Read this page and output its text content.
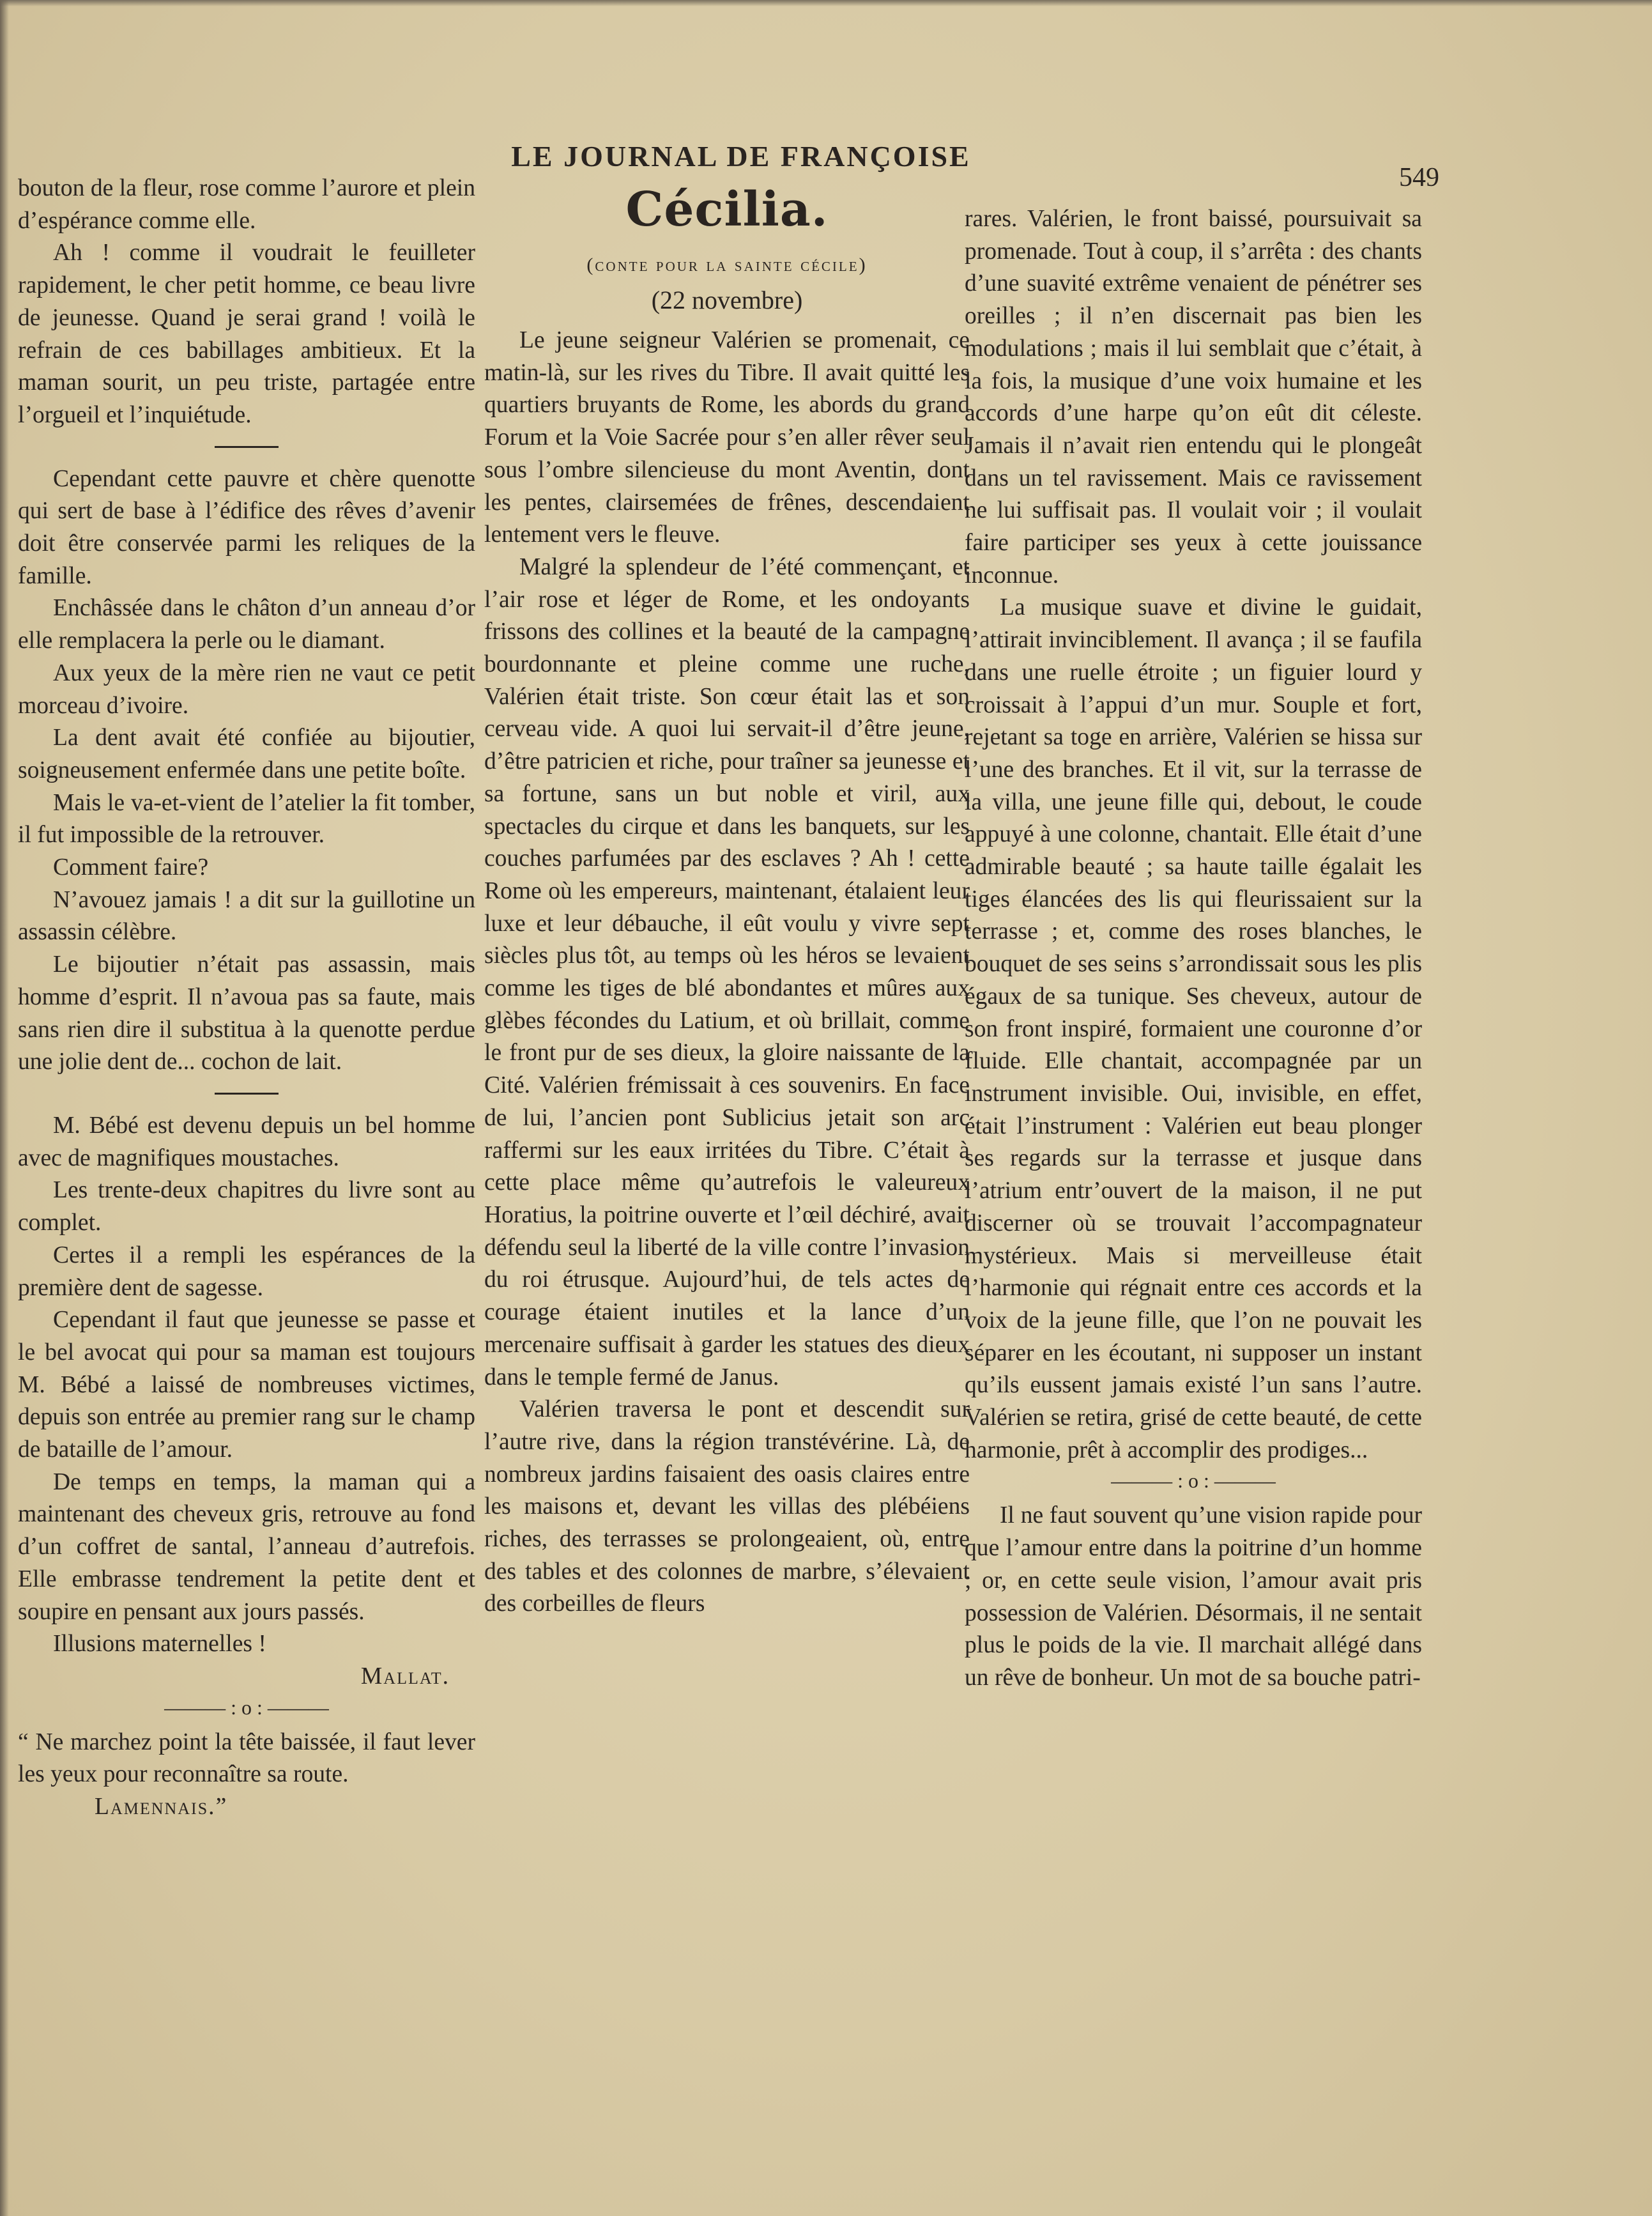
LE JOURNAL DE FRANÇOISE
549

bouton de la fleur, rose comme l’aurore et plein d’espérance comme elle.

Ah ! comme il voudrait le feuilleter rapidement, le cher petit homme, ce beau livre de jeunesse. Quand je serai grand ! voilà le refrain de ces babillages ambitieux. Et la maman sourit, un peu triste, partagée entre l’orgueil et l’inquiétude.

Cependant cette pauvre et chère quenotte qui sert de base à l’édifice des rêves d’avenir doit être conservée parmi les reliques de la famille.

Enchâssée dans le châton d’un anneau d’or elle remplacera la perle ou le diamant.

Aux yeux de la mère rien ne vaut ce petit morceau d’ivoire.

La dent avait été confiée au bijoutier, soigneusement enfermée dans une petite boîte.

Mais le va-et-vient de l’atelier la fit tomber, il fut impossible de la retrouver.

Comment faire?

N’avouez jamais ! a dit sur la guillotine un assassin célèbre.

Le bijoutier n’était pas assassin, mais homme d’esprit. Il n’avoua pas sa faute, mais sans rien dire il substitua à la quenotte perdue une jolie dent de... cochon de lait.

M. Bébé est devenu depuis un bel homme avec de magnifiques moustaches.

Les trente-deux chapitres du livre sont au complet.

Certes il a rempli les espérances de la première dent de sagesse.

Cependant il faut que jeunesse se passe et le bel avocat qui pour sa maman est toujours M. Bébé a laissé de nombreuses victimes, depuis son entrée au premier rang sur le champ de bataille de l’amour.

De temps en temps, la maman qui a maintenant des cheveux gris, retrouve au fond d’un coffret de santal, l’anneau d’autrefois. Elle embrasse tendrement la petite dent et soupire en pensant aux jours passés.

Illusions maternelles !

Mallat.
——— : o : ———

“ Ne marchez point la tête baissée, il faut lever les yeux pour reconnaître sa route.

Lamennais.”
Cécilia.
(conte pour la sainte cécile)
(22 novembre)

Le jeune seigneur Valérien se promenait, ce matin-là, sur les rives du Tibre. Il avait quitté les quartiers bruyants de Rome, les abords du grand Forum et la Voie Sacrée pour s’en aller rêver seul sous l’ombre silencieuse du mont Aventin, dont les pentes, clairsemées de frênes, descendaient lentement vers le fleuve.

Malgré la splendeur de l’été commençant, et l’air rose et léger de Rome, et les ondoyants frissons des collines et la beauté de la campagne bourdonnante et pleine comme une ruche, Valérien était triste. Son cœur était las et son cerveau vide. A quoi lui servait-il d’être jeune, d’être patricien et riche, pour traîner sa jeunesse et sa fortune, sans un but noble et viril, aux spectacles du cirque et dans les banquets, sur les couches parfumées par des esclaves ? Ah ! cette Rome où les empereurs, maintenant, étalaient leur luxe et leur débauche, il eût voulu y vivre sept siècles plus tôt, au temps où les héros se levaient comme les tiges de blé abondantes et mûres aux glèbes fécondes du Latium, et où brillait, comme le front pur de ses dieux, la gloire naissante de la Cité. Valérien frémissait à ces souvenirs. En face de lui, l’ancien pont Sublicius jetait son arc raffermi sur les eaux irritées du Tibre. C’était à cette place même qu’autrefois le valeureux Horatius, la poitrine ouverte et l’œil déchiré, avait défendu seul la liberté de la ville contre l’invasion du roi étrusque. Aujourd’hui, de tels actes de courage étaient inutiles et la lance d’un mercenaire suffisait à garder les statues des dieux dans le temple fermé de Janus.

Valérien traversa le pont et descendit sur l’autre rive, dans la région transtévérine. Là, de nombreux jardins faisaient des oasis claires entre les maisons et, devant les villas des plébéiens riches, des terrasses se prolongeaient, où, entre des tables et des colonnes de marbre, s’élevaient des corbeilles de fleurs

rares. Valérien, le front baissé, poursuivait sa promenade. Tout à coup, il s’arrêta : des chants d’une suavité extrême venaient de pénétrer ses oreilles ; il n’en discernait pas bien les modulations ; mais il lui semblait que c’était, à la fois, la musique d’une voix humaine et les accords d’une harpe qu’on eût dit céleste. Jamais il n’avait rien entendu qui le plongeât dans un tel ravissement. Mais ce ravissement ne lui suffisait pas. Il voulait voir ; il voulait faire participer ses yeux à cette jouissance inconnue.

La musique suave et divine le guidait, l’attirait invinciblement. Il avança ; il se faufila dans une ruelle étroite ; un figuier lourd y croissait à l’appui d’un mur. Souple et fort, rejetant sa toge en arrière, Valérien se hissa sur l’une des branches. Et il vit, sur la terrasse de la villa, une jeune fille qui, debout, le coude appuyé à une colonne, chantait. Elle était d’une admirable beauté ; sa haute taille égalait les tiges élancées des lis qui fleurissaient sur la terrasse ; et, comme des roses blanches, le bouquet de ses seins s’arrondissait sous les plis égaux de sa tunique. Ses cheveux, autour de son front inspiré, formaient une couronne d’or fluide. Elle chantait, accompagnée par un instrument invisible. Oui, invisible, en effet, était l’instrument : Valérien eut beau plonger ses regards sur la terrasse et jusque dans l’atrium entr’ouvert de la maison, il ne put discerner où se trouvait l’accompagnateur mystérieux. Mais si merveilleuse était l’harmonie qui régnait entre ces accords et la voix de la jeune fille, que l’on ne pouvait les séparer en les écoutant, ni supposer un instant qu’ils eussent jamais existé l’un sans l’autre. Valérien se retira, grisé de cette beauté, de cette harmonie, prêt à accomplir des prodiges...

——— : o : ———

Il ne faut souvent qu’une vision rapide pour que l’amour entre dans la poitrine d’un homme ; or, en cette seule vision, l’amour avait pris possession de Valérien. Désormais, il ne sentait plus le poids de la vie. Il marchait allégé dans un rêve de bonheur. Un mot de sa bouche patri-
